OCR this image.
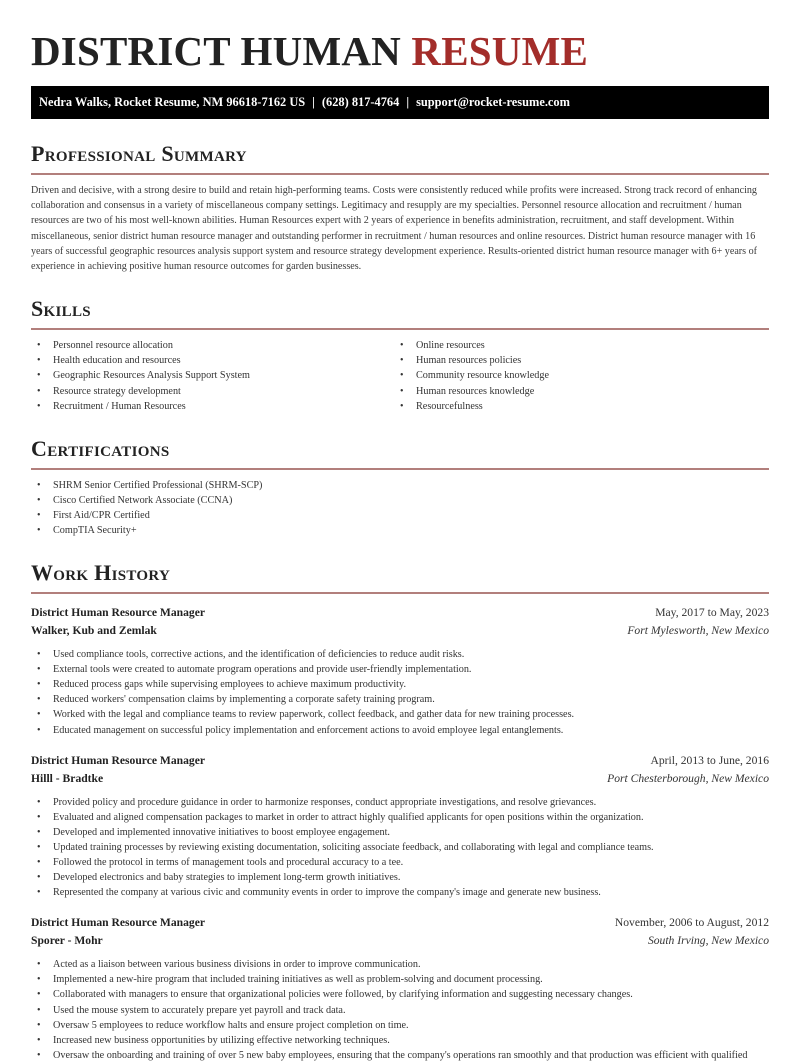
DISTRICT HUMAN RESUME
Nedra Walks, Rocket Resume, NM 96618-7162 US | (628) 817-4764 | support@rocket-resume.com
Professional Summary

Driven and decisive, with a strong desire to build and retain high-performing teams. Costs were consistently reduced while profits were increased. Strong track record of enhancing collaboration and consensus in a variety of miscellaneous company settings. Legitimacy and resupply are my specialties. Personnel resource allocation and recruitment / human resources are two of his most well-known abilities. Human Resources expert with 2 years of experience in benefits administration, recruitment, and staff development. Within miscellaneous, senior district human resource manager and outstanding performer in recruitment / human resources and online resources. District human resource manager with 16 years of successful geographic resources analysis support system and resource strategy development experience. Results-oriented district human resource manager with 6+ years of experience in achieving positive human resource outcomes for garden businesses.

Skills
• Personnel resource allocation
• Health education and resources
• Geographic Resources Analysis Support System
• Resource strategy development
• Recruitment / Human Resources
• Online resources
• Human resources policies
• Community resource knowledge
• Human resources knowledge
• Resourcefulness
Certifications
• SHRM Senior Certified Professional (SHRM-SCP)
• Cisco Certified Network Associate (CCNA)
• First Aid/CPR Certified
• CompTIA Security+
Work History
District Human Resource Manager	May, 2017 to May, 2023
Walker, Kub and Zemlak	Fort Mylesworth, New Mexico
• Used compliance tools, corrective actions, and the identification of deficiencies to reduce audit risks.
• External tools were created to automate program operations and provide user-friendly implementation.
• Reduced process gaps while supervising employees to achieve maximum productivity.
• Reduced workers' compensation claims by implementing a corporate safety training program.
• Worked with the legal and compliance teams to review paperwork, collect feedback, and gather data for new training processes.
• Educated management on successful policy implementation and enforcement actions to avoid employee legal entanglements.
District Human Resource Manager	April, 2013 to June, 2016
Hilll - Bradtke	Port Chesterborough, New Mexico
• Provided policy and procedure guidance in order to harmonize responses, conduct appropriate investigations, and resolve grievances.
• Evaluated and aligned compensation packages to market in order to attract highly qualified applicants for open positions within the organization.
• Developed and implemented innovative initiatives to boost employee engagement.
• Updated training processes by reviewing existing documentation, soliciting associate feedback, and collaborating with legal and compliance teams.
• Followed the protocol in terms of management tools and procedural accuracy to a tee.
• Developed electronics and baby strategies to implement long-term growth initiatives.
• Represented the company at various civic and community events in order to improve the company's image and generate new business.
District Human Resource Manager	November, 2006 to August, 2012
Sporer - Mohr	South Irving, New Mexico
• Acted as a liaison between various business divisions in order to improve communication.
• Implemented a new-hire program that included training initiatives as well as problem-solving and document processing.
• Collaborated with managers to ensure that organizational policies were followed, by clarifying information and suggesting necessary changes.
• Used the mouse system to accurately prepare yet payroll and track data.
• Oversaw 5 employees to reduce workflow halts and ensure project completion on time.
• Increased new business opportunities by utilizing effective networking techniques.
• Oversaw the onboarding and training of over 5 new baby employees, ensuring that the company's operations ran smoothly and that production was efficient with qualified
